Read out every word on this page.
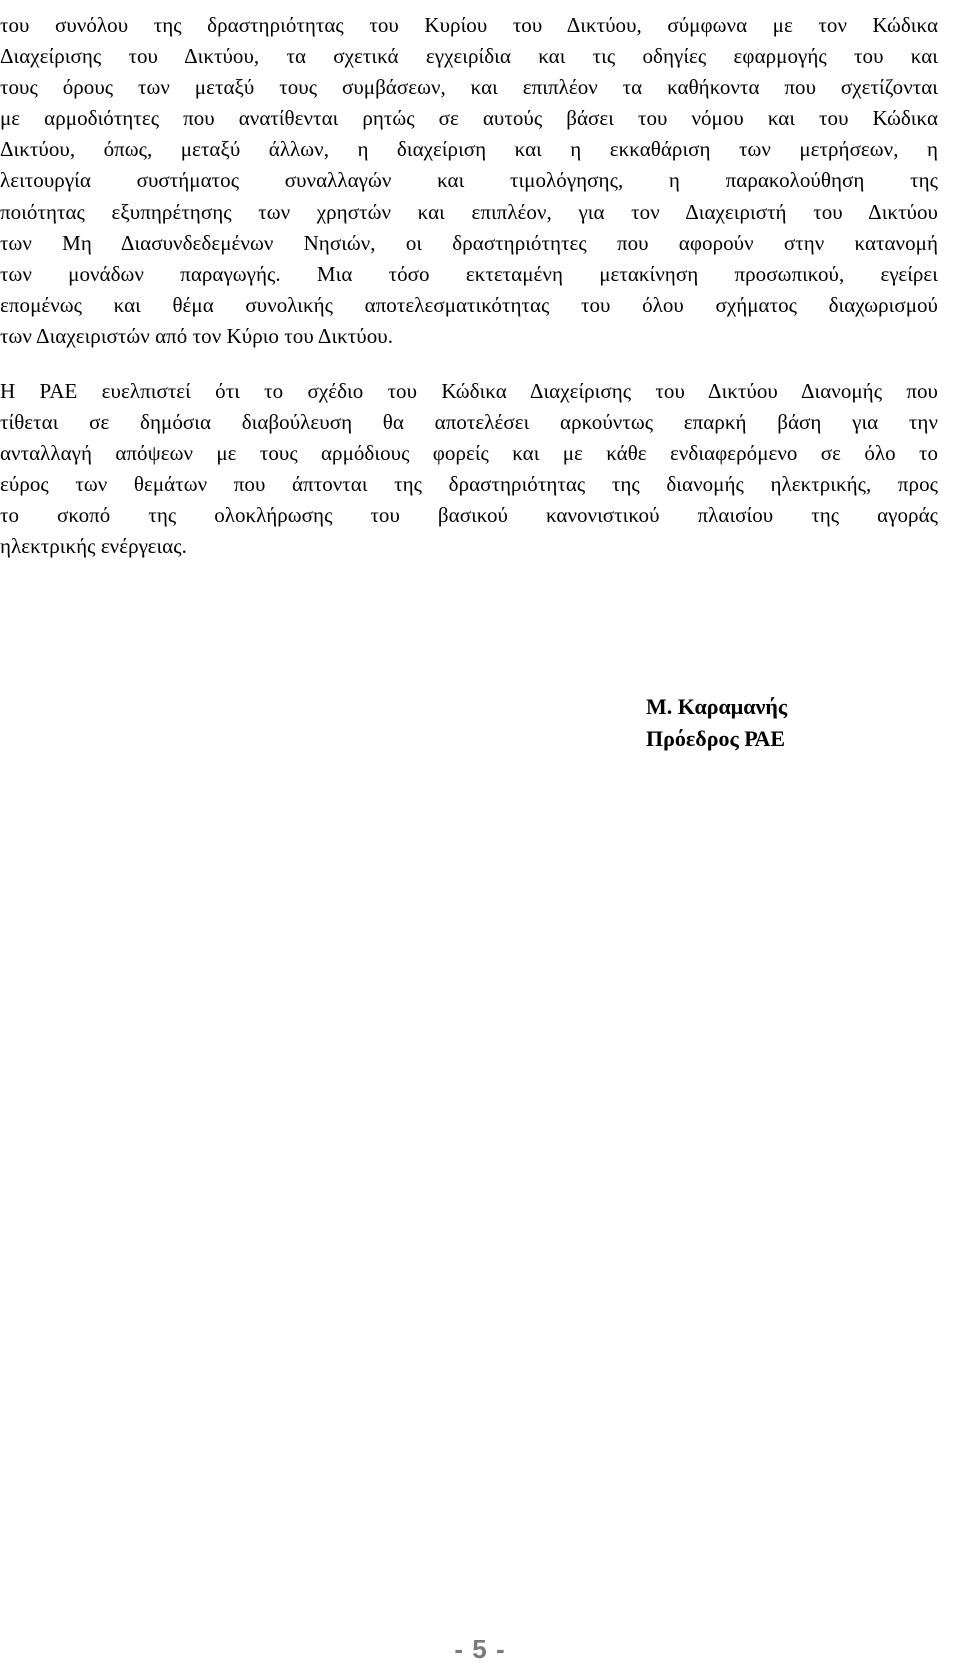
του συνόλου της δραστηριότητας του Κυρίου του Δικτύου, σύμφωνα με τον Κώδικα
Διαχείρισης του Δικτύου, τα σχετικά εγχειρίδια και τις οδηγίες εφαρμογής του και
τους όρους των μεταξύ τους συμβάσεων, και επιπλέον τα καθήκοντα που σχετίζονται
με αρμοδιότητες που ανατίθενται ρητώς σε αυτούς βάσει του νόμου και του Κώδικα
Δικτύου, όπως, μεταξύ άλλων, η διαχείριση και η εκκαθάριση των μετρήσεων, η
λειτουργία συστήματος συναλλαγών και τιμολόγησης, η παρακολούθηση της
ποιότητας εξυπηρέτησης των χρηστών και επιπλέον, για τον Διαχειριστή του Δικτύου
των Μη Διασυνδεδεμένων Νησιών, οι δραστηριότητες που αφορούν στην κατανομή
των μονάδων παραγωγής. Μια τόσο εκτεταμένη μετακίνηση προσωπικού, εγείρει
επομένως και θέμα συνολικής αποτελεσματικότητας του όλου σχήματος διαχωρισμού
των Διαχειριστών από τον Κύριο του Δικτύου.

Η ΡΑΕ ευελπιστεί ότι το σχέδιο του Κώδικα Διαχείρισης του Δικτύου Διανομής που
τίθεται σε δημόσια διαβούλευση θα αποτελέσει αρκούντως επαρκή βάση για την
ανταλλαγή απόψεων με τους αρμόδιους φορείς και με κάθε ενδιαφερόμενο σε όλο το
εύρος των θεμάτων που άπτονται της δραστηριότητας της διανομής ηλεκτρικής, προς
το σκοπό της ολοκλήρωσης του βασικού κανονιστικού πλαισίου της αγοράς
ηλεκτρικής ενέργειας.

Μ. Καραμανής
Πρόεδρος ΡΑΕ
- 5 -
